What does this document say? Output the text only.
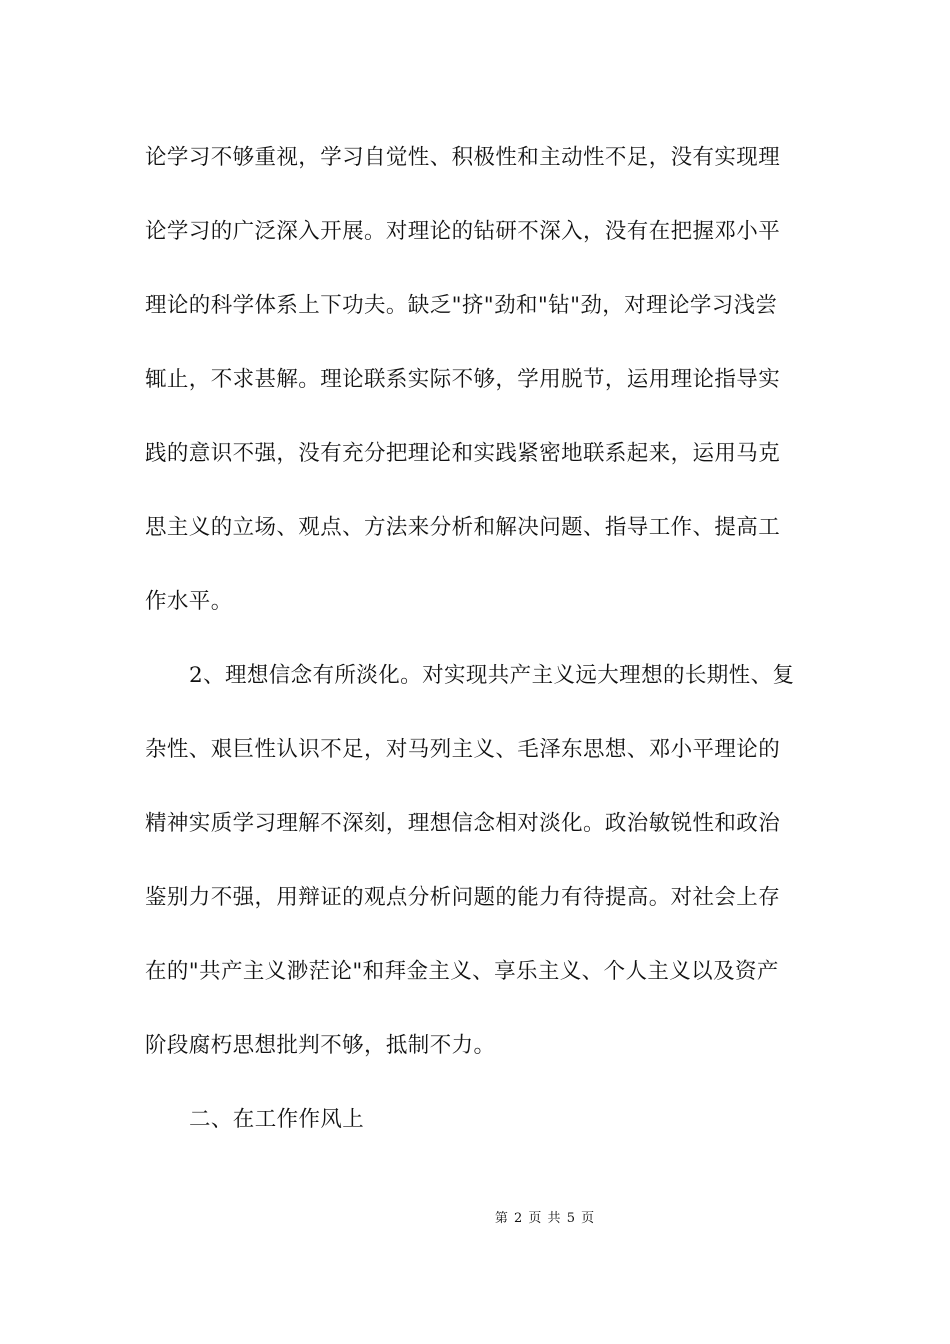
论学习不够重视，学习自觉性、积极性和主动性不足，没有实现理
论学习的广泛深入开展。对理论的钻研不深入，没有在把握邓小平
理论的科学体系上下功夫。缺乏"挤"劲和"钻"劲，对理论学习浅尝
辄止，不求甚解。理论联系实际不够，学用脱节，运用理论指导实
践的意识不强，没有充分把理论和实践紧密地联系起来，运用马克
思主义的立场、观点、方法来分析和解决问题、指导工作、提高工
作水平。
2、理想信念有所淡化。对实现共产主义远大理想的长期性、复
杂性、艰巨性认识不足，对马列主义、毛泽东思想、邓小平理论的
精神实质学习理解不深刻，理想信念相对淡化。政治敏锐性和政治
鉴别力不强，用辩证的观点分析问题的能力有待提高。对社会上存
在的"共产主义渺茫论"和拜金主义、享乐主义、个人主义以及资产
阶段腐朽思想批判不够，抵制不力。
二、在工作作风上
第 2 页 共 5 页
